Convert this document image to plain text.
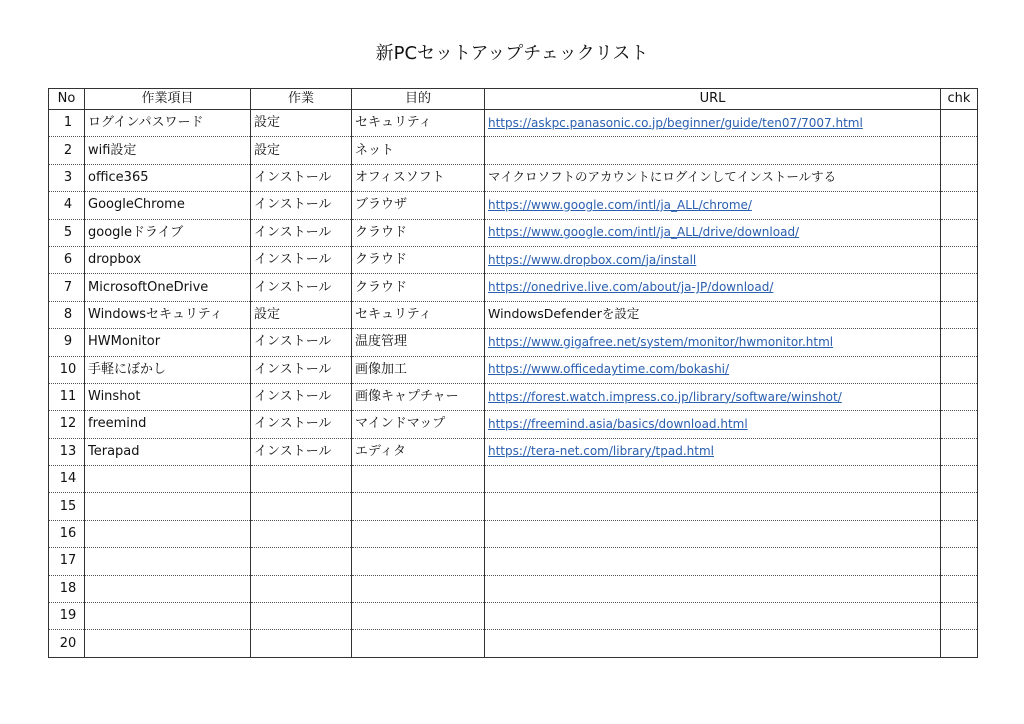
新PCセットアップチェックリスト
No	作業項目	作業	目的	URL	chk
1	ログインパスワード	設定	セキュリティ	https://askpc.panasonic.co.jp/beginner/guide/ten07/7007.html	
2	wifi設定	設定	ネット		
3	office365	インストール	オフィスソフト	マイクロソフトのアカウントにログインしてインストールする	
4	GoogleChrome	インストール	ブラウザ	https://www.google.com/intl/ja_ALL/chrome/	
5	googleドライブ	インストール	クラウド	https://www.google.com/intl/ja_ALL/drive/download/	
6	dropbox	インストール	クラウド	https://www.dropbox.com/ja/install	
7	MicrosoftOneDrive	インストール	クラウド	https://onedrive.live.com/about/ja-JP/download/	
8	Windowsセキュリティ	設定	セキュリティ	WindowsDefenderを設定	
9	HWMonitor	インストール	温度管理	https://www.gigafree.net/system/monitor/hwmonitor.html	
10	手軽にぼかし	インストール	画像加工	https://www.officedaytime.com/bokashi/	
11	Winshot	インストール	画像キャプチャー	https://forest.watch.impress.co.jp/library/software/winshot/	
12	freemind	インストール	マインドマップ	https://freemind.asia/basics/download.html	
13	Terapad	インストール	エディタ	https://tera-net.com/library/tpad.html	
14					
15					
16					
17					
18					
19					
20					
